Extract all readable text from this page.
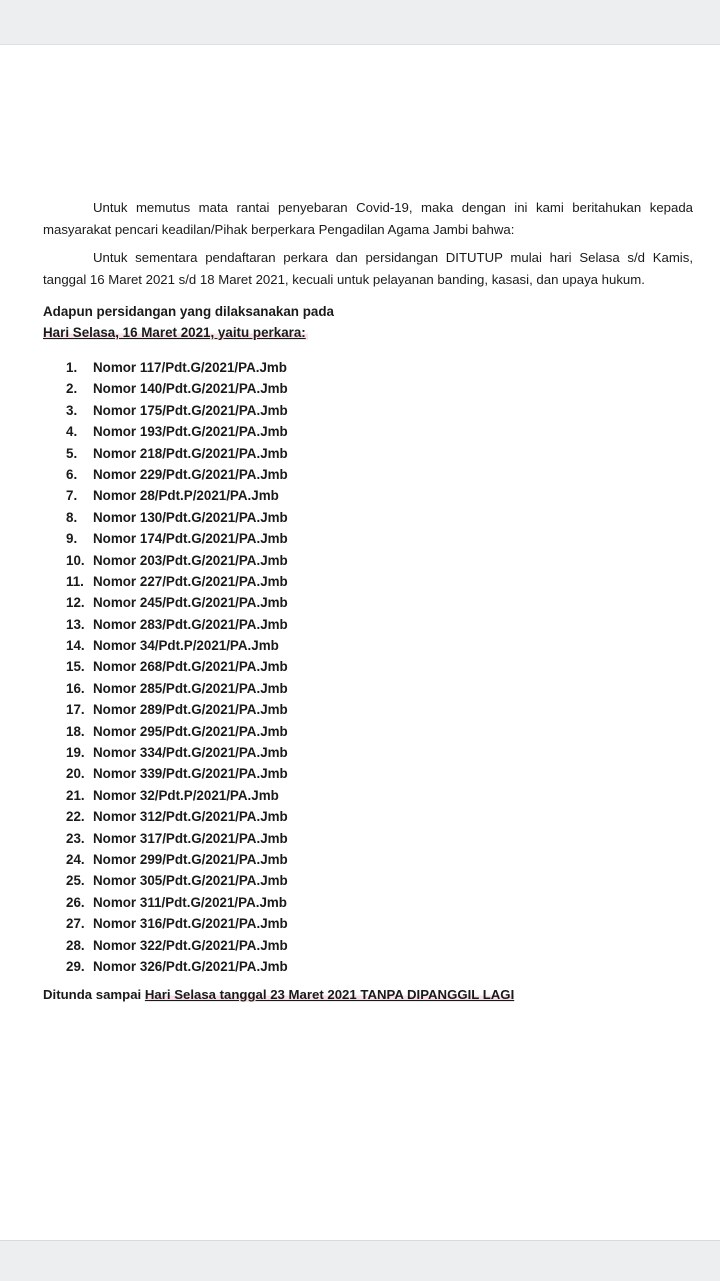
Untuk memutus mata rantai penyebaran Covid-19, maka dengan ini kami beritahukan kepada masyarakat pencari keadilan/Pihak berperkara Pengadilan Agama Jambi bahwa:

Untuk sementara pendaftaran perkara dan persidangan DITUTUP mulai hari Selasa s/d Kamis, tanggal 16 Maret 2021 s/d 18 Maret 2021, kecuali untuk pelayanan banding, kasasi, dan upaya hukum.

Adapun persidangan yang dilaksanakan pada

Hari Selasa, 16 Maret 2021, yaitu perkara:

1. Nomor 117/Pdt.G/2021/PA.Jmb
2. Nomor 140/Pdt.G/2021/PA.Jmb
3. Nomor 175/Pdt.G/2021/PA.Jmb
4. Nomor 193/Pdt.G/2021/PA.Jmb
5. Nomor 218/Pdt.G/2021/PA.Jmb
6. Nomor 229/Pdt.G/2021/PA.Jmb
7. Nomor 28/Pdt.P/2021/PA.Jmb
8. Nomor 130/Pdt.G/2021/PA.Jmb
9. Nomor 174/Pdt.G/2021/PA.Jmb
10. Nomor 203/Pdt.G/2021/PA.Jmb
11. Nomor 227/Pdt.G/2021/PA.Jmb
12. Nomor 245/Pdt.G/2021/PA.Jmb
13. Nomor 283/Pdt.G/2021/PA.Jmb
14. Nomor 34/Pdt.P/2021/PA.Jmb
15. Nomor 268/Pdt.G/2021/PA.Jmb
16. Nomor 285/Pdt.G/2021/PA.Jmb
17. Nomor 289/Pdt.G/2021/PA.Jmb
18. Nomor 295/Pdt.G/2021/PA.Jmb
19. Nomor 334/Pdt.G/2021/PA.Jmb
20. Nomor 339/Pdt.G/2021/PA.Jmb
21. Nomor 32/Pdt.P/2021/PA.Jmb
22. Nomor 312/Pdt.G/2021/PA.Jmb
23. Nomor 317/Pdt.G/2021/PA.Jmb
24. Nomor 299/Pdt.G/2021/PA.Jmb
25. Nomor 305/Pdt.G/2021/PA.Jmb
26. Nomor 311/Pdt.G/2021/PA.Jmb
27. Nomor 316/Pdt.G/2021/PA.Jmb
28. Nomor 322/Pdt.G/2021/PA.Jmb
29. Nomor 326/Pdt.G/2021/PA.Jmb

Ditunda sampai Hari Selasa tanggal 23 Maret 2021 TANPA DIPANGGIL LAGI
